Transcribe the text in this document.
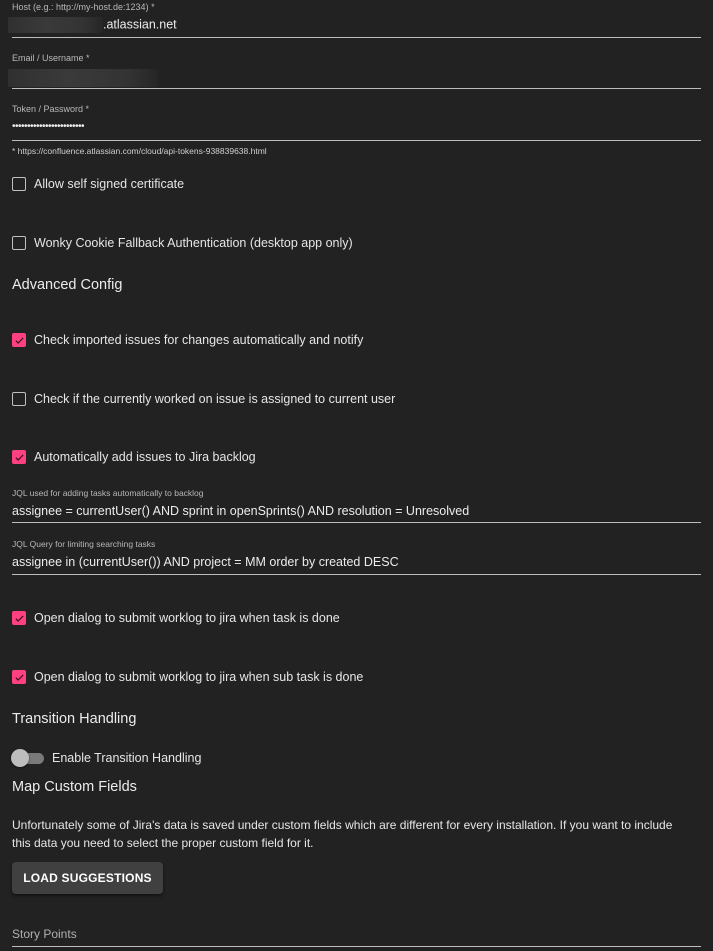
Host (e.g.: http://my-host.de:1234) *
.atlassian.net
Email / Username *
Token / Password *
••••••••••••••••••••••••
* https://confluence.atlassian.com/cloud/api-tokens-938839638.html
Allow self signed certificate
Wonky Cookie Fallback Authentication (desktop app only)
Advanced Config
Check imported issues for changes automatically and notify
Check if the currently worked on issue is assigned to current user
Automatically add issues to Jira backlog
JQL used for adding tasks automatically to backlog
assignee = currentUser() AND sprint in openSprints() AND resolution = Unresolved
JQL Query for limiting searching tasks
assignee in (currentUser()) AND project = MM order by created DESC
Open dialog to submit worklog to jira when task is done
Open dialog to submit worklog to jira when sub task is done
Transition Handling
Enable Transition Handling
Map Custom Fields
Unfortunately some of Jira's data is saved under custom fields which are different for every installation. If you want to include this data you need to select the proper custom field for it.
LOAD SUGGESTIONS
Story Points
